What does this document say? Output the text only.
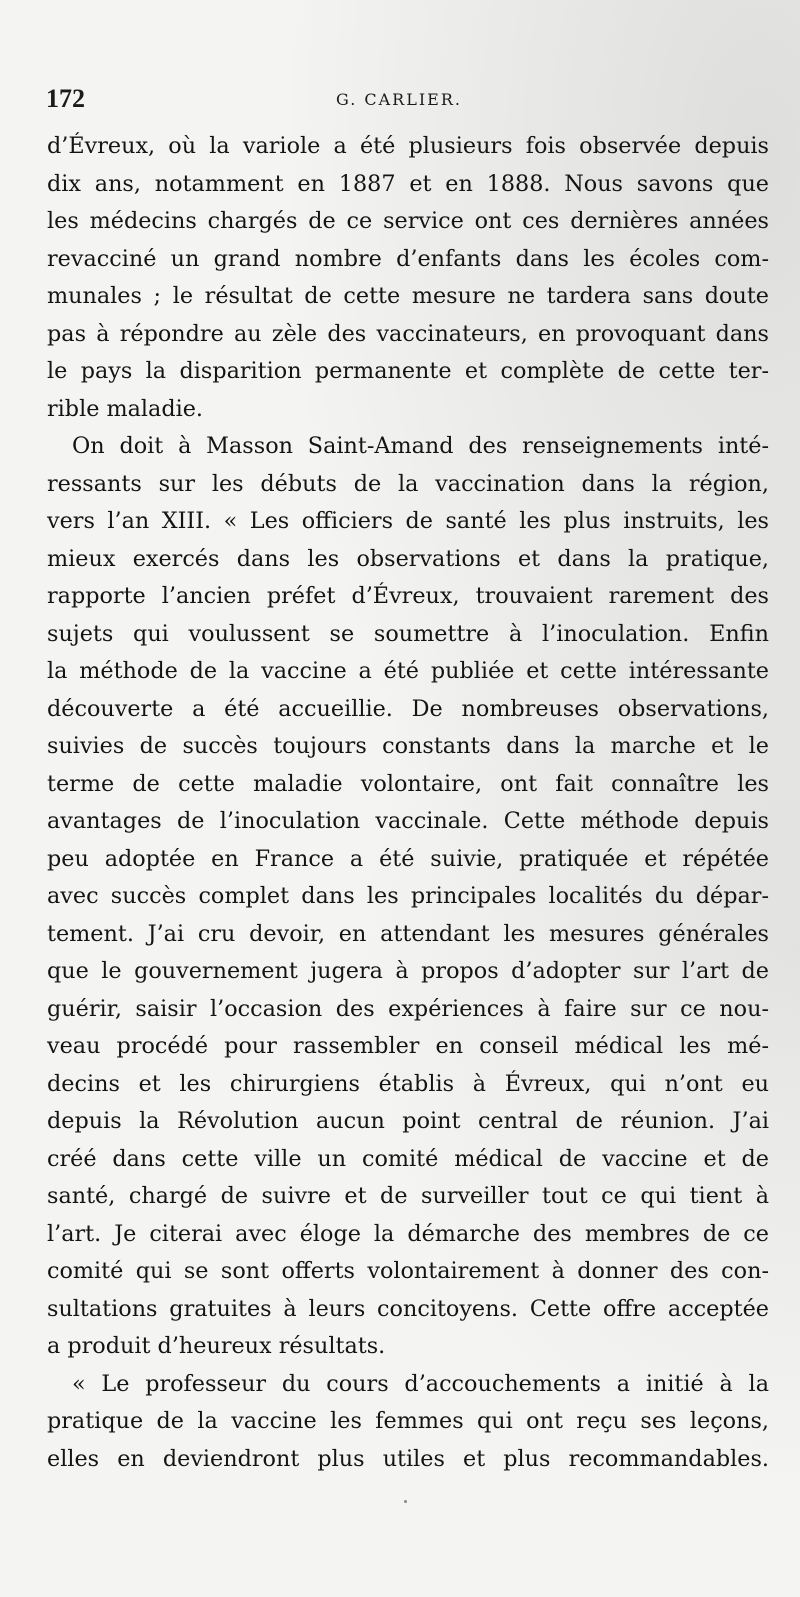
172	G. CARLIER.
d’Évreux, où la variole a été plusieurs fois observée depuis
dix ans, notamment en 1887 et en 1888. Nous savons que
les médecins chargés de ce service ont ces dernières années
revacciné un grand nombre d’enfants dans les écoles com-
munales ; le résultat de cette mesure ne tardera sans doute
pas à répondre au zèle des vaccinateurs, en provoquant dans
le pays la disparition permanente et complète de cette ter-
rible maladie.
On doit à Masson Saint-Amand des renseignements inté-
ressants sur les débuts de la vaccination dans la région,
vers l’an XIII. « Les officiers de santé les plus instruits, les
mieux exercés dans les observations et dans la pratique,
rapporte l’ancien préfet d’Évreux, trouvaient rarement des
sujets qui voulussent se soumettre à l’inoculation. Enfin
la méthode de la vaccine a été publiée et cette intéressante
découverte a été accueillie. De nombreuses observations,
suivies de succès toujours constants dans la marche et le
terme de cette maladie volontaire, ont fait connaître les
avantages de l’inoculation vaccinale. Cette méthode depuis
peu adoptée en France a été suivie, pratiquée et répétée
avec succès complet dans les principales localités du dépar-
tement. J’ai cru devoir, en attendant les mesures générales
que le gouvernement jugera à propos d’adopter sur l’art de
guérir, saisir l’occasion des expériences à faire sur ce nou-
veau procédé pour rassembler en conseil médical les mé-
decins et les chirurgiens établis à Évreux, qui n’ont eu
depuis la Révolution aucun point central de réunion. J’ai
créé dans cette ville un comité médical de vaccine et de
santé, chargé de suivre et de surveiller tout ce qui tient à
l’art. Je citerai avec éloge la démarche des membres de ce
comité qui se sont offerts volontairement à donner des con-
sultations gratuites à leurs concitoyens. Cette offre acceptée
a produit d’heureux résultats.
« Le professeur du cours d’accouchements a initié à la
pratique de la vaccine les femmes qui ont reçu ses leçons,
elles en deviendront plus utiles et plus recommandables.
